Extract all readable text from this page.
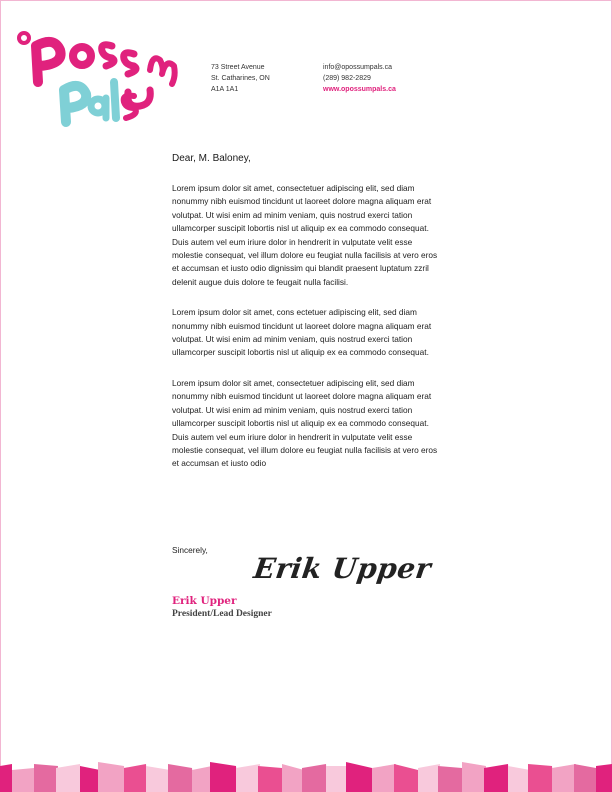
73 Street Avenue
St. Catharines, ON
A1A 1A1
info@opossumpals.ca
(289) 982-2829
www.opossumpals.ca

Dear, M. Baloney,

Lorem ipsum dolor sit amet, consectetuer adipiscing elit, sed diam nonummy nibh euismod tincidunt ut laoreet dolore magna aliquam erat volutpat. Ut wisi enim ad minim veniam, quis nostrud exerci tation ullamcorper suscipit lobortis nisl ut aliquip ex ea commodo consequat. Duis autem vel eum iriure dolor in hendrerit in vulputate velit esse molestie consequat, vel illum dolore eu feugiat nulla facilisis at vero eros et accumsan et iusto odio dignissim qui blandit praesent luptatum zzril delenit augue duis dolore te feugait nulla facilisi.

Lorem ipsum dolor sit amet, cons ectetuer adipiscing elit, sed diam nonummy nibh euismod tincidunt ut laoreet dolore magna aliquam erat volutpat. Ut wisi enim ad minim veniam, quis nostrud exerci tation ullamcorper suscipit lobortis nisl ut aliquip ex ea commodo consequat.

Lorem ipsum dolor sit amet, consectetuer adipiscing elit, sed diam nonummy nibh euismod tincidunt ut laoreet dolore magna aliquam erat volutpat. Ut wisi enim ad minim veniam, quis nostrud exerci tation ullamcorper suscipit lobortis nisl ut aliquip ex ea commodo consequat. Duis autem vel eum iriure dolor in hendrerit in vulputate velit esse molestie consequat, vel illum dolore eu feugiat nulla facilisis at vero eros et accumsan et iusto odio

Sincerely,
Erik Upper
Erik Upper
President/Lead Designer
